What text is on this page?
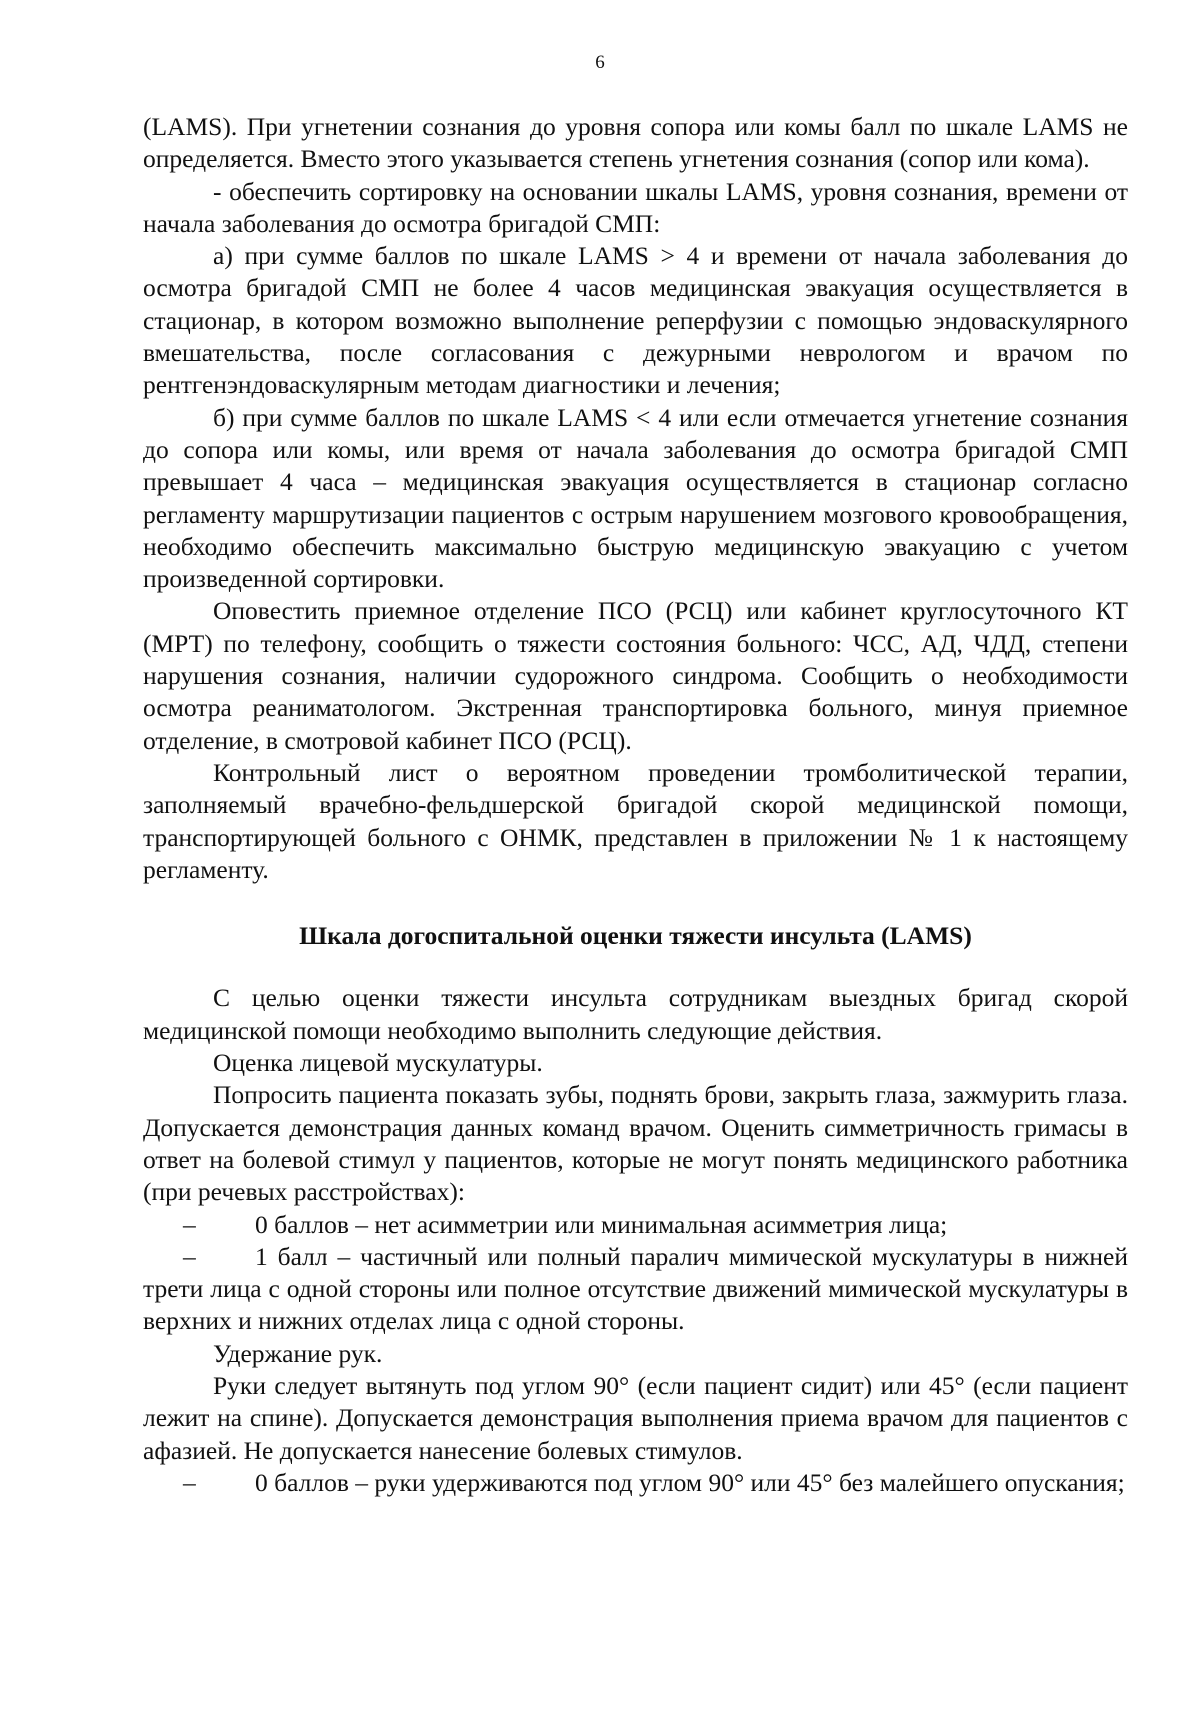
6

(LAMS). При угнетении сознания до уровня сопора или комы балл по шкале LAMS не определяется. Вместо этого указывается степень угнетения сознания (сопор или кома).

- обеспечить сортировку на основании шкалы LAMS, уровня сознания, времени от начала заболевания до осмотра бригадой СМП:

а) при сумме баллов по шкале LAMS > 4 и времени от начала заболевания до осмотра бригадой СМП не более 4 часов медицинская эвакуация осуществляется в стационар, в котором возможно выполнение реперфузии с помощью эндоваскулярного вмешательства, после согласования с дежурными неврологом и врачом по рентгенэндоваскулярным методам диагностики и лечения;

б) при сумме баллов по шкале LAMS < 4 или если отмечается угнетение сознания до сопора или комы, или время от начала заболевания до осмотра бригадой СМП превышает 4 часа – медицинская эвакуация осуществляется в стационар согласно регламенту маршрутизации пациентов с острым нарушением мозгового кровообращения, необходимо обеспечить максимально быструю медицинскую эвакуацию с учетом произведенной сортировки.

Оповестить приемное отделение ПСО (РСЦ) или кабинет круглосуточного КТ (МРТ) по телефону, сообщить о тяжести состояния больного: ЧСС, АД, ЧДД, степени нарушения сознания, наличии судорожного синдрома. Сообщить о необходимости осмотра реаниматологом. Экстренная транспортировка больного, минуя приемное отделение, в смотровой кабинет ПСО (РСЦ).

Контрольный лист о вероятном проведении тромболитической терапии, заполняемый врачебно-фельдшерской бригадой скорой медицинской помощи, транспортирующей больного с ОНМК, представлен в приложении № 1 к настоящему регламенту.

Шкала догоспитальной оценки тяжести инсульта (LAMS)

С целью оценки тяжести инсульта сотрудникам выездных бригад скорой медицинской помощи необходимо выполнить следующие действия.

Оценка лицевой мускулатуры.

Попросить пациента показать зубы, поднять брови, закрыть глаза, зажмурить глаза. Допускается демонстрация данных команд врачом. Оценить симметричность гримасы в ответ на болевой стимул у пациентов, которые не могут понять медицинского работника (при речевых расстройствах):

– 0 баллов – нет асимметрии или минимальная асимметрия лица;

– 1 балл – частичный или полный паралич мимической мускулатуры в нижней трети лица с одной стороны или полное отсутствие движений мимической мускулатуры в верхних и нижних отделах лица с одной стороны.

Удержание рук.

Руки следует вытянуть под углом 90° (если пациент сидит) или 45° (если пациент лежит на спине). Допускается демонстрация выполнения приема врачом для пациентов с афазией. Не допускается нанесение болевых стимулов.

– 0 баллов – руки удерживаются под углом 90° или 45° без малейшего опускания;
